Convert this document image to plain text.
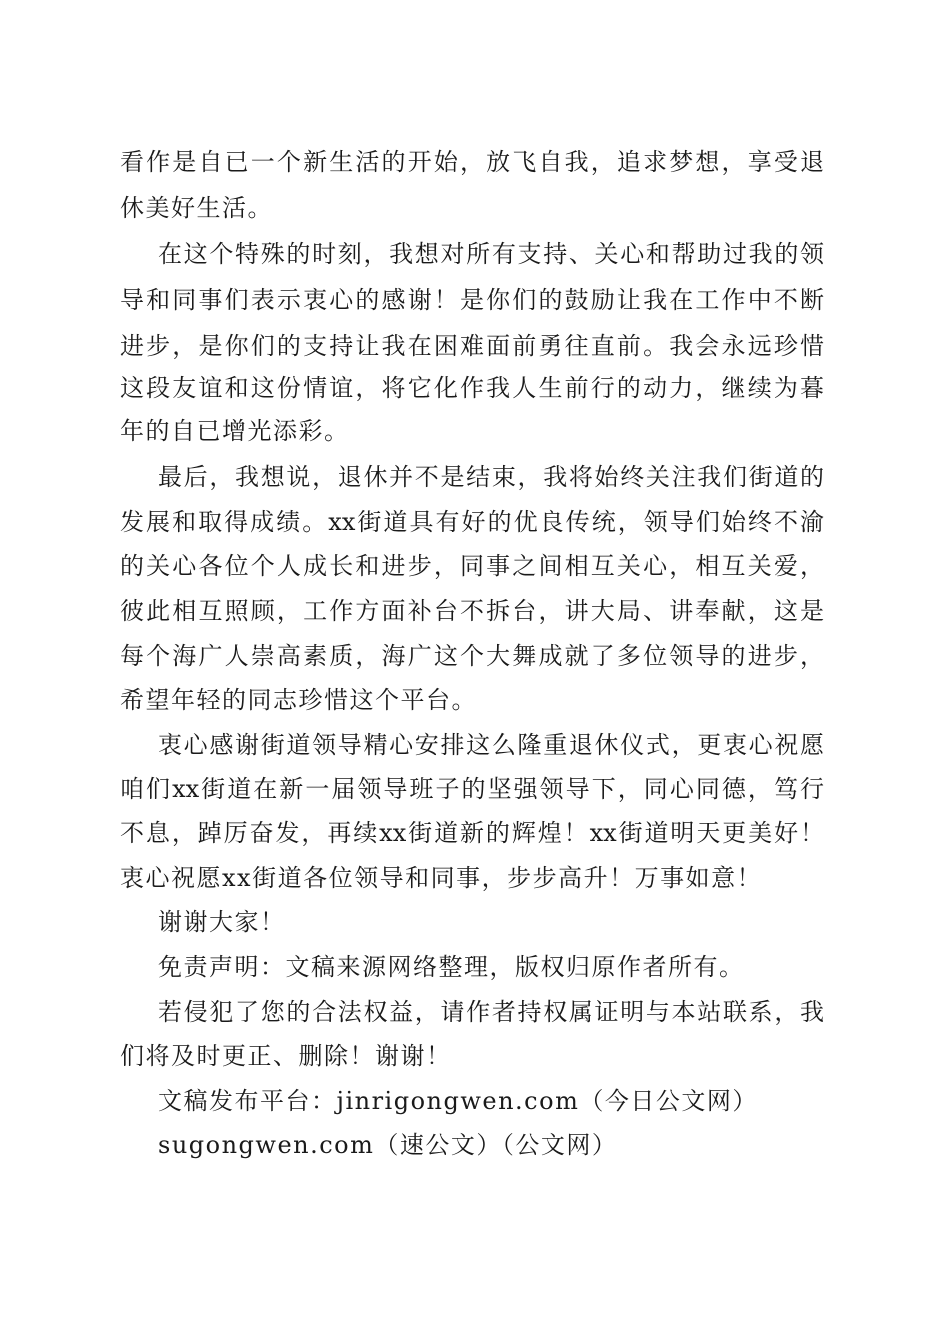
看作是自已一个新生活的开始，放飞自我，追求梦想，享受退
休美好生活。
在这个特殊的时刻，我想对所有支持、关心和帮助过我的领
导和同事们表示衷心的感谢！是你们的鼓励让我在工作中不断
进步，是你们的支持让我在困难面前勇往直前。我会永远珍惜
这段友谊和这份情谊，将它化作我人生前行的动力，继续为暮
年的自已增光添彩。
最后，我想说，退休并不是结束，我将始终关注我们街道的
发展和取得成绩。xx街道具有好的优良传统，领导们始终不渝
的关心各位个人成长和进步，同事之间相互关心，相互关爱，
彼此相互照顾，工作方面补台不拆台，讲大局、讲奉献，这是
每个海广人崇高素质，海广这个大舞成就了多位领导的进步，
希望年轻的同志珍惜这个平台。
衷心感谢街道领导精心安排这么隆重退休仪式，更衷心祝愿
咱们xx街道在新一届领导班子的坚强领导下，同心同德，笃行
不息，踔厉奋发，再续xx街道新的辉煌！xx街道明天更美好！
衷心祝愿xx街道各位领导和同事，步步高升！万事如意！
谢谢大家！
免责声明：文稿来源网络整理，版权归原作者所有。
若侵犯了您的合法权益，请作者持权属证明与本站联系，我
们将及时更正、删除！谢谢！
文稿发布平台：jinrigongwen.com（今日公文网）
sugongwen.com（速公文）（公文网）
